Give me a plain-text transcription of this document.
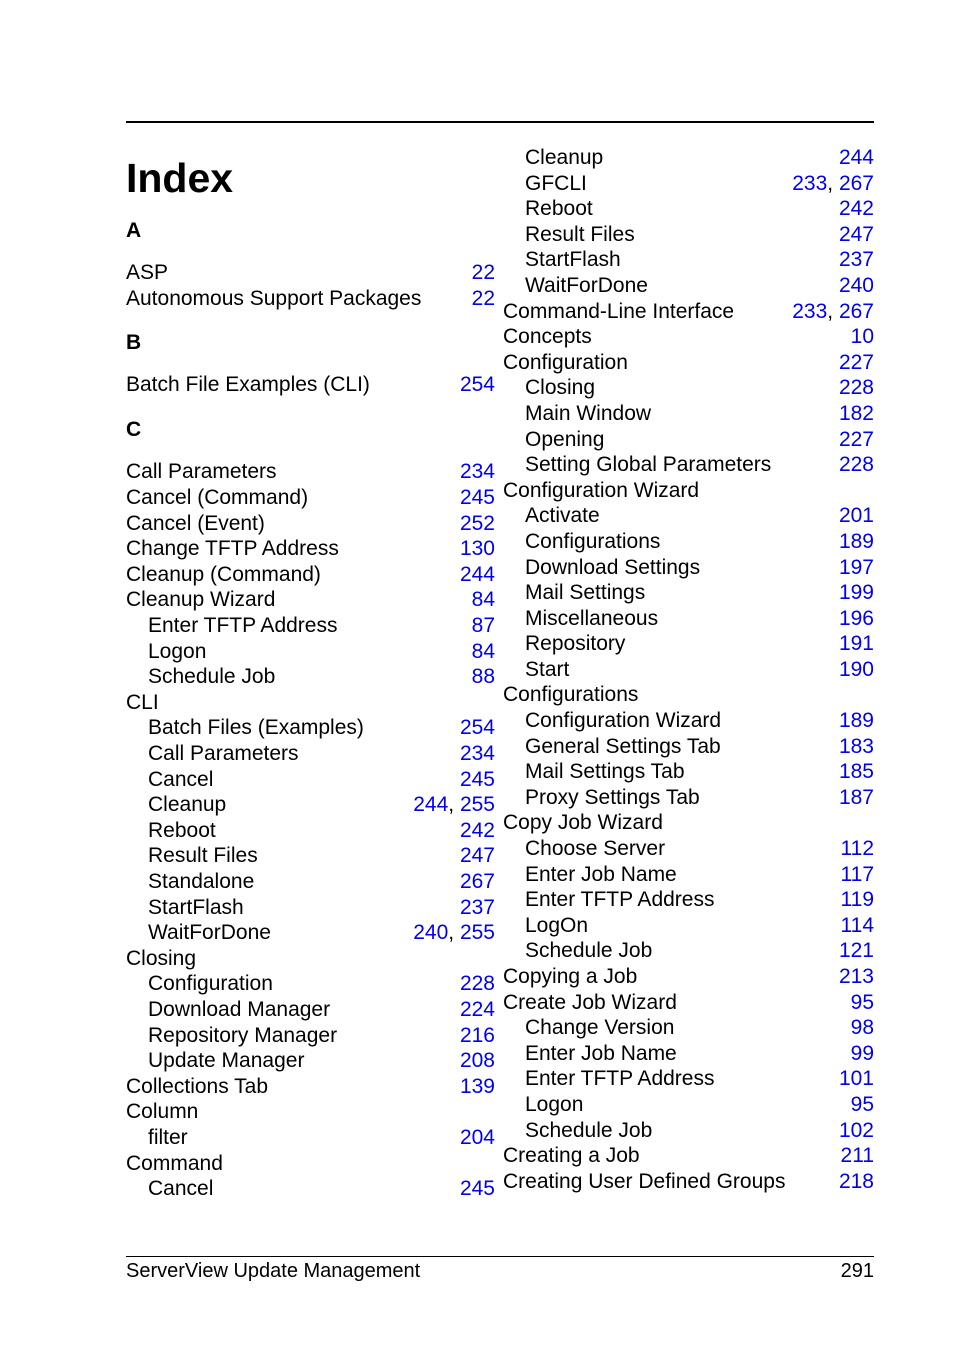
Index
A
ASP	22
Autonomous Support Packages 22
B
Batch File Examples (CLI)	254
C
Call Parameters	234
Cancel (Command)	245
Cancel (Event)	252
Change TFTP Address	130
Cleanup (Command)	244
Cleanup Wizard	84
Enter TFTP Address	87
Logon	84
Schedule Job	88
CLI
Batch Files (Examples)	254
Call Parameters	234
Cancel	245
Cleanup	244, 255
Reboot	242
Result Files	247
Standalone	267
StartFlash	237
WaitForDone	240, 255
Closing
Configuration	228
Download Manager	224
Repository Manager	216
Update Manager	208
Collections Tab	139
Column
filter	204
Command
Cancel	245
Cleanup	244
GFCLI	233, 267
Reboot	242
Result Files	247
StartFlash	237
WaitForDone	240
Command-Line Interface	233, 267
Concepts	10
Configuration	227
Closing	228
Main Window	182
Opening	227
Setting Global Parameters	228
Configuration Wizard
Activate	201
Configurations	189
Download Settings	197
Mail Settings	199
Miscellaneous	196
Repository	191
Start	190
Configurations
Configuration Wizard	189
General Settings Tab	183
Mail Settings Tab	185
Proxy Settings Tab	187
Copy Job Wizard
Choose Server	112
Enter Job Name	117
Enter TFTP Address	119
LogOn	114
Schedule Job	121
Copying a Job	213
Create Job Wizard	95
Change Version	98
Enter Job Name	99
Enter TFTP Address	101
Logon	95
Schedule Job	102
Creating a Job	211
Creating User Defined Groups	218
ServerView Update Management	291
